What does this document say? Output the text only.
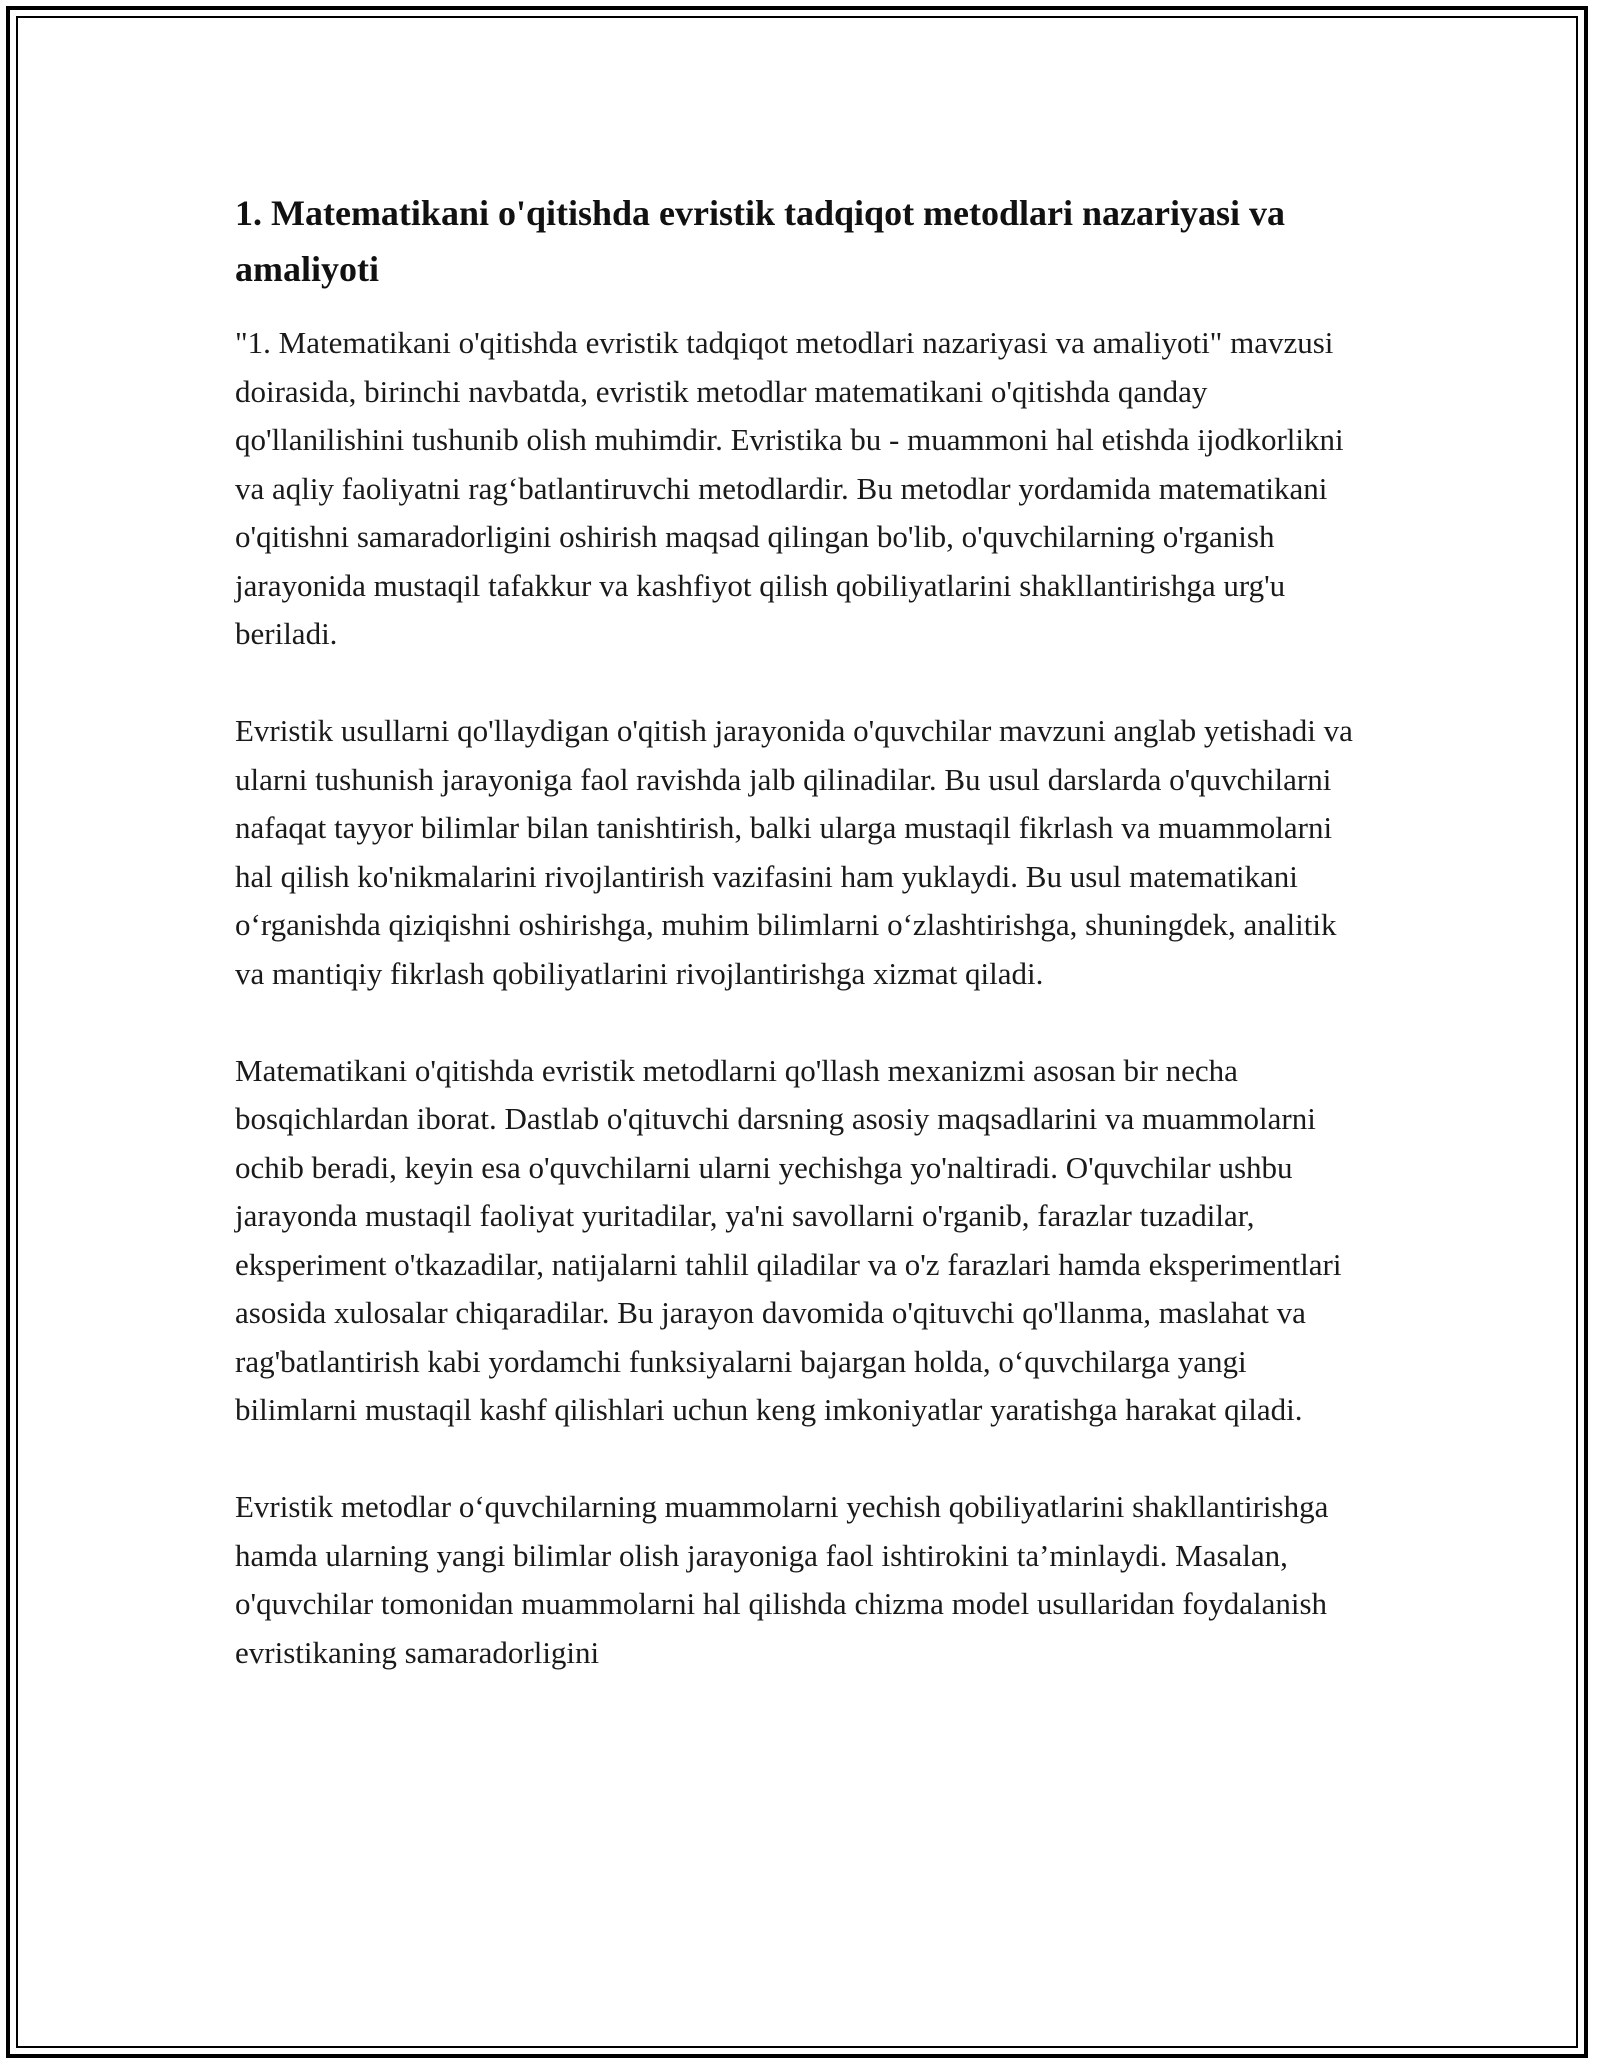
1. Matematikani o'qitishda evristik tadqiqot metodlari nazariyasi va amaliyoti

"1. Matematikani o'qitishda evristik tadqiqot metodlari nazariyasi va amaliyoti" mavzusi doirasida, birinchi navbatda, evristik metodlar matematikani o'qitishda qanday qo'llanilishini tushunib olish muhimdir. Evristika bu - muammoni hal etishda ijodkorlikni va aqliy faoliyatni rag‘batlantiruvchi metodlardir. Bu metodlar yordamida matematikani o'qitishni samaradorligini oshirish maqsad qilingan bo'lib, o'quvchilarning o'rganish jarayonida mustaqil tafakkur va kashfiyot qilish qobiliyatlarini shakllantirishga urg'u beriladi.

Evristik usullarni qo'llaydigan o'qitish jarayonida o'quvchilar mavzuni anglab yetishadi va ularni tushunish jarayoniga faol ravishda jalb qilinadilar. Bu usul darslarda o'quvchilarni nafaqat tayyor bilimlar bilan tanishtirish, balki ularga mustaqil fikrlash va muammolarni hal qilish ko'nikmalarini rivojlantirish vazifasini ham yuklaydi. Bu usul matematikani o‘rganishda qiziqishni oshirishga, muhim bilimlarni o‘zlashtirishga, shuningdek, analitik va mantiqiy fikrlash qobiliyatlarini rivojlantirishga xizmat qiladi.

Matematikani o'qitishda evristik metodlarni qo'llash mexanizmi asosan bir necha bosqichlardan iborat. Dastlab o'qituvchi darsning asosiy maqsadlarini va muammolarni ochib beradi, keyin esa o'quvchilarni ularni yechishga yo'naltiradi. O'quvchilar ushbu jarayonda mustaqil faoliyat yuritadilar, ya'ni savollarni o'rganib, farazlar tuzadilar, eksperiment o'tkazadilar, natijalarni tahlil qiladilar va o'z farazlari hamda eksperimentlari asosida xulosalar chiqaradilar. Bu jarayon davomida o'qituvchi qo'llanma, maslahat va rag'batlantirish kabi yordamchi funksiyalarni bajargan holda, o‘quvchilarga yangi bilimlarni mustaqil kashf qilishlari uchun keng imkoniyatlar yaratishga harakat qiladi.

Evristik metodlar o‘quvchilarning muammolarni yechish qobiliyatlarini shakllantirishga hamda ularning yangi bilimlar olish jarayoniga faol ishtirokini ta’minlaydi. Masalan, o'quvchilar tomonidan muammolarni hal qilishda chizma model usullaridan foydalanish evristikaning samaradorligini
